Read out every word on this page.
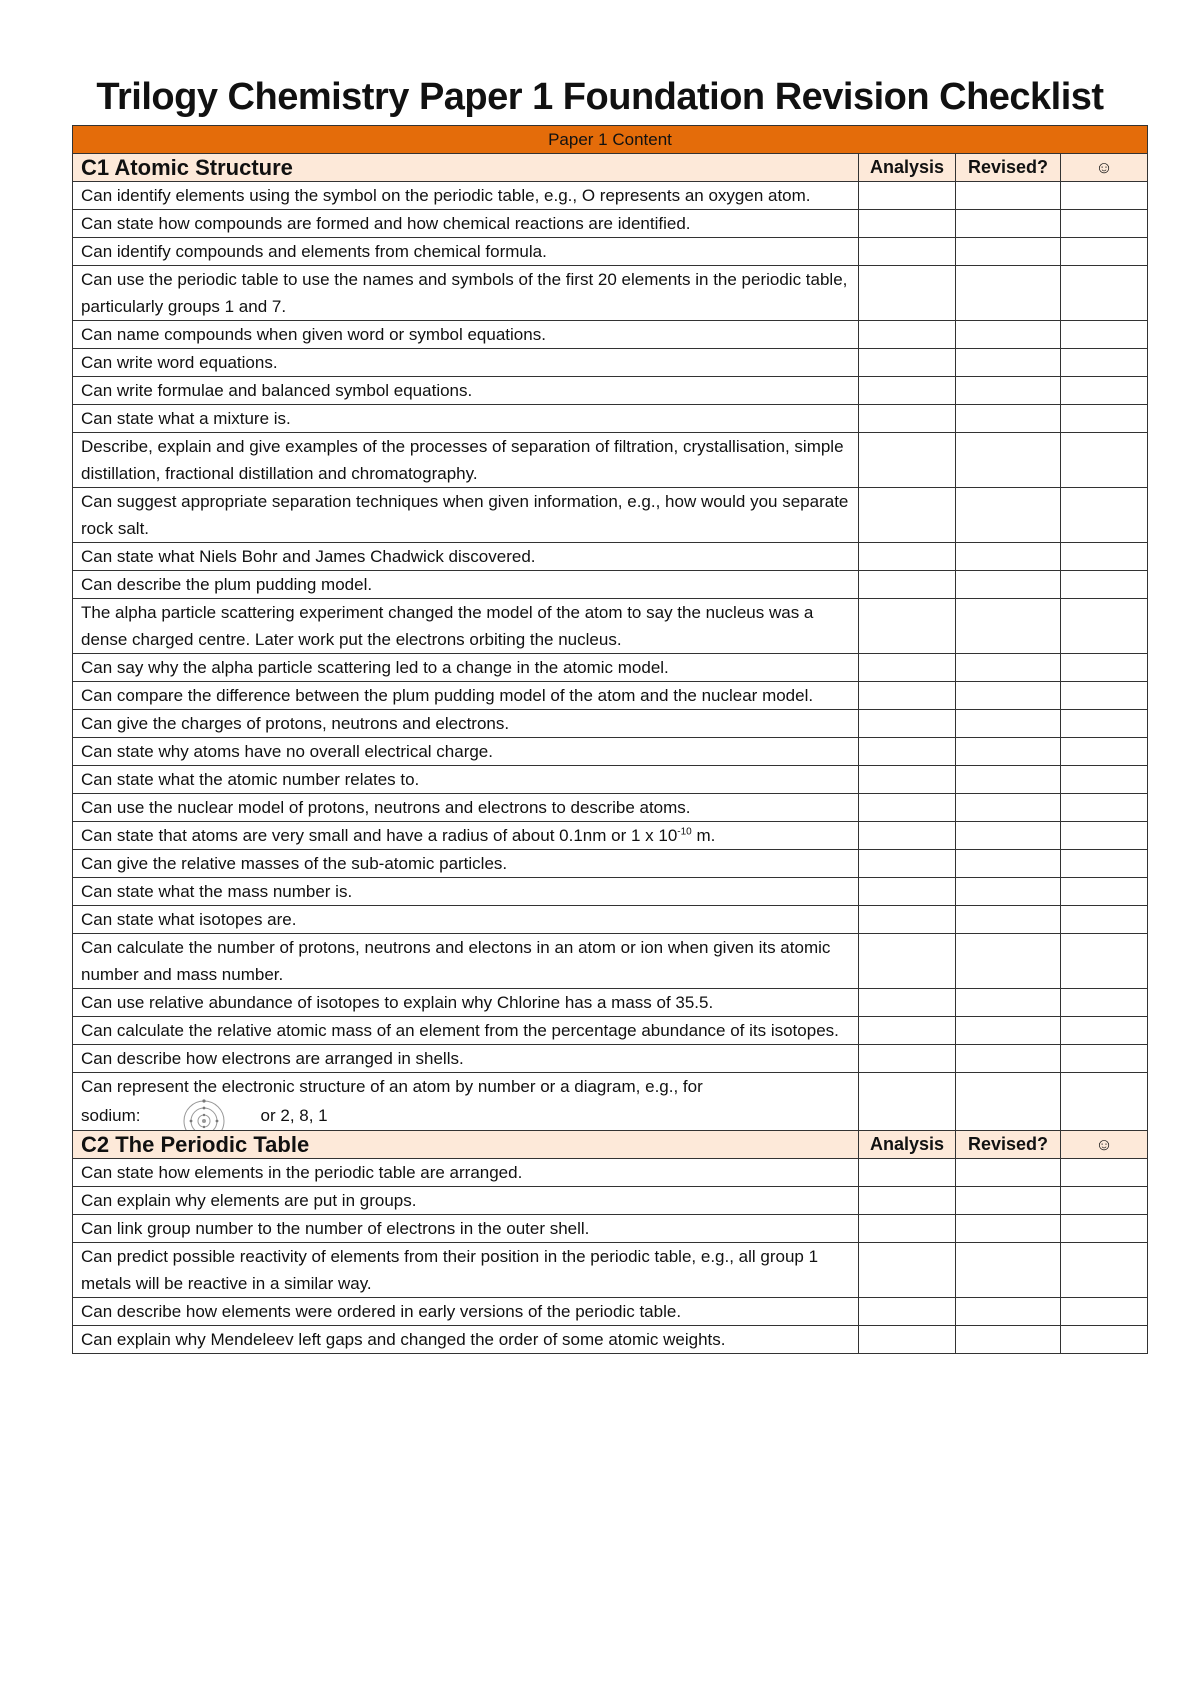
Trilogy Chemistry Paper 1 Foundation Revision Checklist
Paper 1 Content			
C1 Atomic Structure	Analysis	Revised?	☺
Can identify elements using the symbol on the periodic table, e.g., O represents an oxygen atom.			
Can state how compounds are formed and how chemical reactions are identified.			
Can identify compounds and elements from chemical formula.			
Can use the periodic table to use the names and symbols of the first 20 elements in the periodic table, particularly groups 1 and 7.			
Can name compounds when given word or symbol equations.			
Can write word equations.			
Can write formulae and balanced symbol equations.			
Can state what a mixture is.			
Describe, explain and give examples of the processes of separation of filtration, crystallisation, simple distillation, fractional distillation and chromatography.			
Can suggest appropriate separation techniques when given information, e.g., how would you separate rock salt.			
Can state what Niels Bohr and James Chadwick discovered.			
Can describe the plum pudding model.			
The alpha particle scattering experiment changed the model of the atom to say the nucleus was a dense charged centre. Later work put the electrons orbiting the nucleus.			
Can say why the alpha particle scattering led to a change in the atomic model.			
Can compare the difference between the plum pudding model of the atom and the nuclear model.			
Can give the charges of protons, neutrons and electrons.			
Can state why atoms have no overall electrical charge.			
Can state what the atomic number relates to.			
Can use the nuclear model of protons, neutrons and electrons to describe atoms.			
Can state that atoms are very small and have a radius of about 0.1nm or 1 x $10^{-10}$ m.			
Can give the relative masses of the sub-atomic particles.			
Can state what the mass number is.			
Can state what isotopes are.			
Can calculate the number of protons, neutrons and electons in an atom or ion when given its atomic number and mass number.			
Can use relative abundance of isotopes to explain why Chlorine has a mass of 35.5.			
Can calculate the relative atomic mass of an element from the percentage abundance of its isotopes.			
Can describe how electrons are arranged in shells.			

Can represent the electronic structure of an atom by number or a diagram, e.g., for
sodium: or 2, 8, 1			

C2 The Periodic Table	Analysis	Revised?	☺
Can state how elements in the periodic table are arranged.			
Can explain why elements are put in groups.			
Can link group number to the number of electrons in the outer shell.			
Can predict possible reactivity of elements from their position in the periodic table, e.g., all group 1 metals will be reactive in a similar way.			
Can describe how elements were ordered in early versions of the periodic table.			
Can explain why Mendeleev left gaps and changed the order of some atomic weights.			
